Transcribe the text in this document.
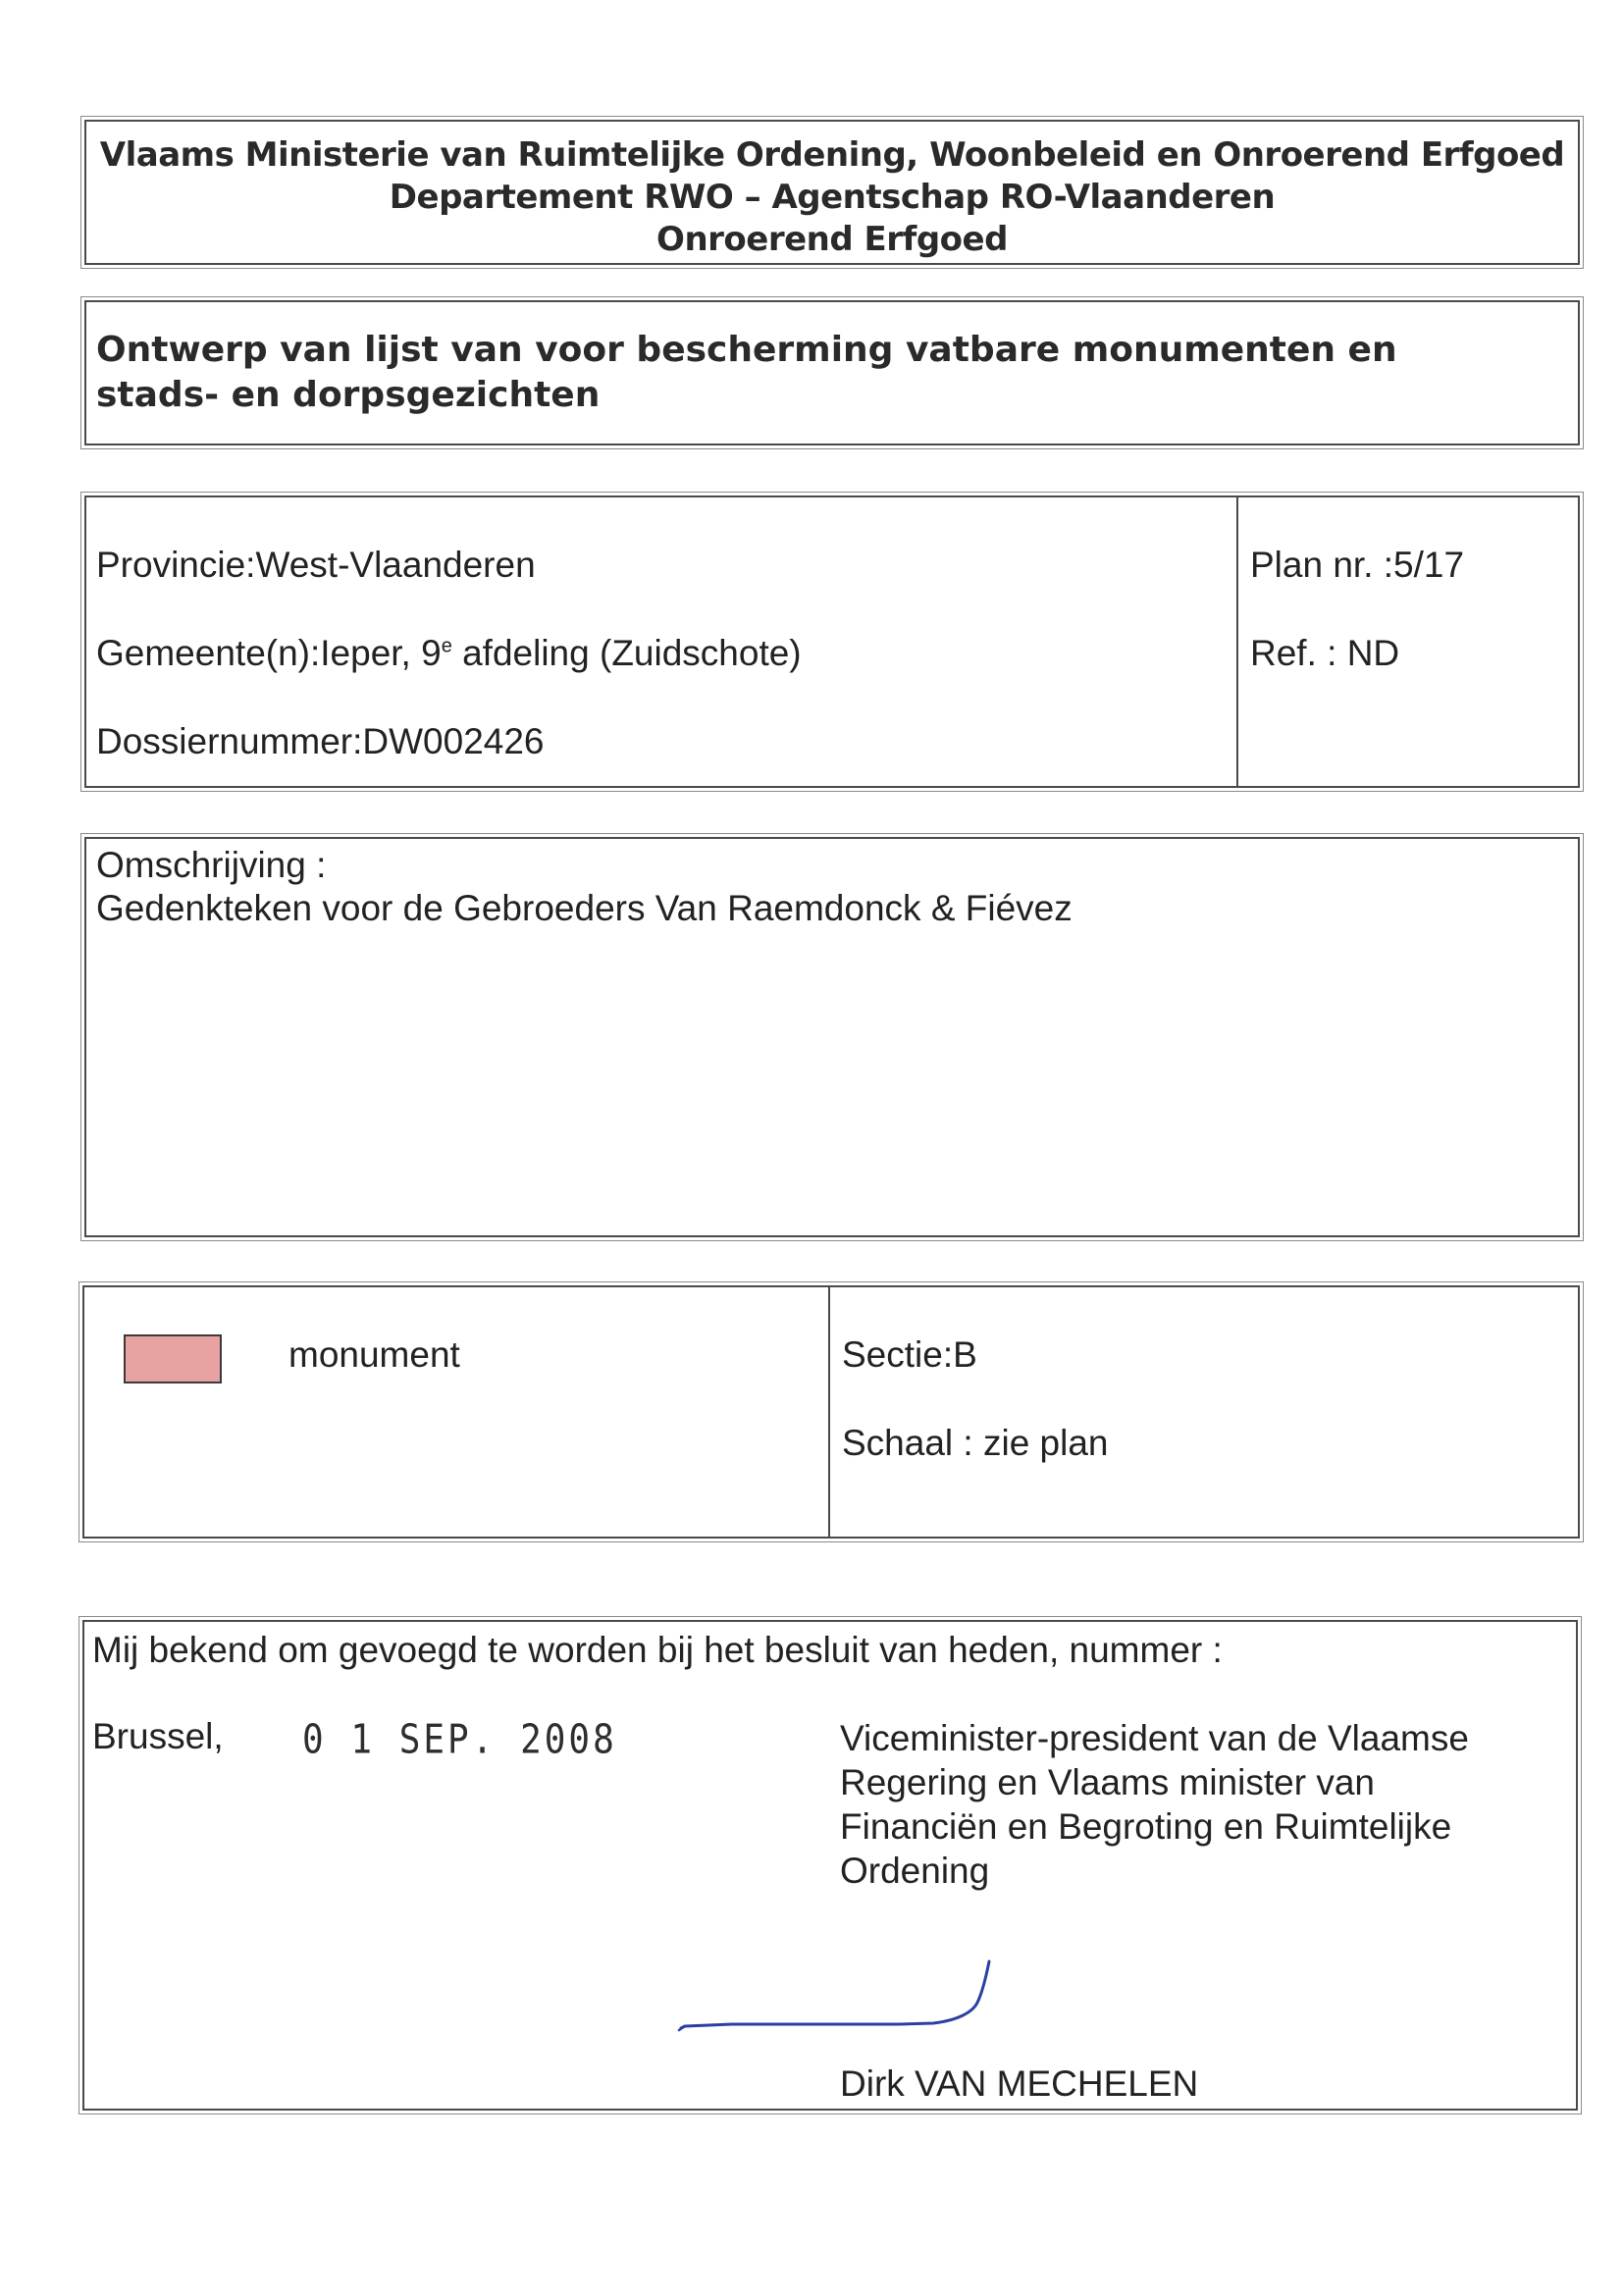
Vlaams Ministerie van Ruimtelijke Ordening, Woonbeleid en Onroerend Erfgoed
Departement RWO – Agentschap RO-Vlaanderen
Onroerend Erfgoed
Ontwerp van lijst van voor bescherming vatbare monumenten en stads- en dorpsgezichten
Provincie:West-Vlaanderen
Gemeente(n):Ieper, 9e afdeling (Zuidschote)
Dossiernummer:DW002426
Plan nr. :5/17
Ref. : ND
Omschrijving :
Gedenkteken voor de Gebroeders Van Raemdonck & Fiévez
monument	Sectie:B
Schaal : zie plan
Mij bekend om gevoegd te worden bij het besluit van heden, nummer :
Brussel, 0 1 SEP. 2008	Viceminister-president van de Vlaamse
Regering en Vlaams minister van
Financiën en Begroting en Ruimtelijke
Ordening
Dirk VAN MECHELEN
